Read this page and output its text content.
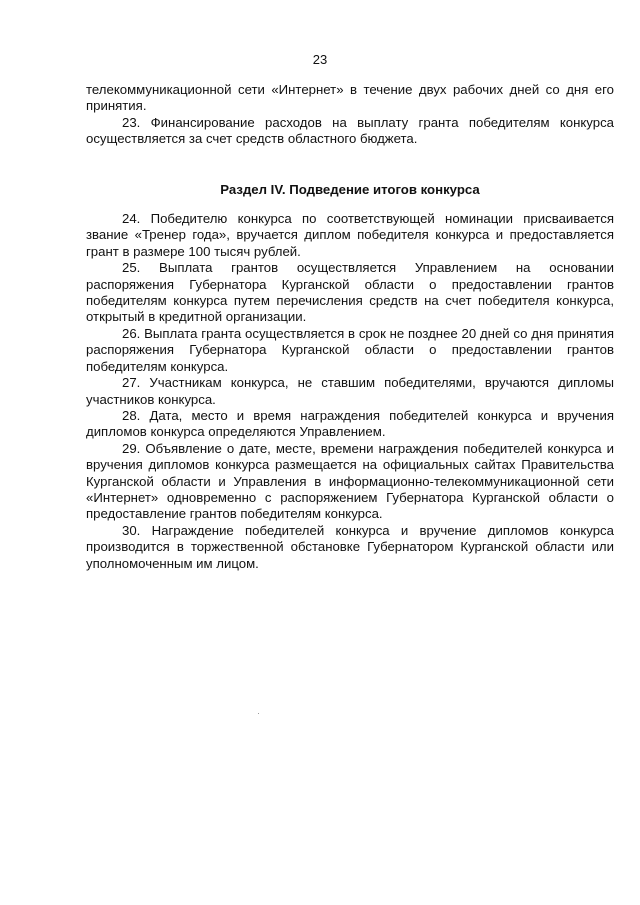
23

телекоммуникационной сети «Интернет» в течение двух рабочих дней со дня его принятия.

23. Финансирование расходов на выплату гранта победителям конкурса осуществляется за счет средств областного бюджета.

Раздел IV. Подведение итогов конкурса

24. Победителю конкурса по соответствующей номинации присваивается звание «Тренер года», вручается диплом победителя конкурса и предоставляется грант в размере 100 тысяч рублей.

25. Выплата грантов осуществляется Управлением на основании распоряжения Губернатора Курганской области о предоставлении грантов победителям конкурса путем перечисления средств на счет победителя конкурса, открытый в кредитной организации.

26. Выплата гранта осуществляется в срок не позднее 20 дней со дня принятия распоряжения Губернатора Курганской области о предоставлении грантов победителям конкурса.

27. Участникам конкурса, не ставшим победителями, вручаются дипломы участников конкурса.

28. Дата, место и время награждения победителей конкурса и вручения дипломов конкурса определяются Управлением.

29. Объявление о дате, месте, времени награждения победителей конкурса и вручения дипломов конкурса размещается на официальных сайтах Правительства Курганской области и Управления в информационно-телекоммуникационной сети «Интернет» одновременно с распоряжением Губернатора Курганской области о предоставление грантов победителям конкурса.

30. Награждение победителей конкурса и вручение дипломов конкурса производится в торжественной обстановке Губернатором Курганской области или уполномоченным им лицом.
